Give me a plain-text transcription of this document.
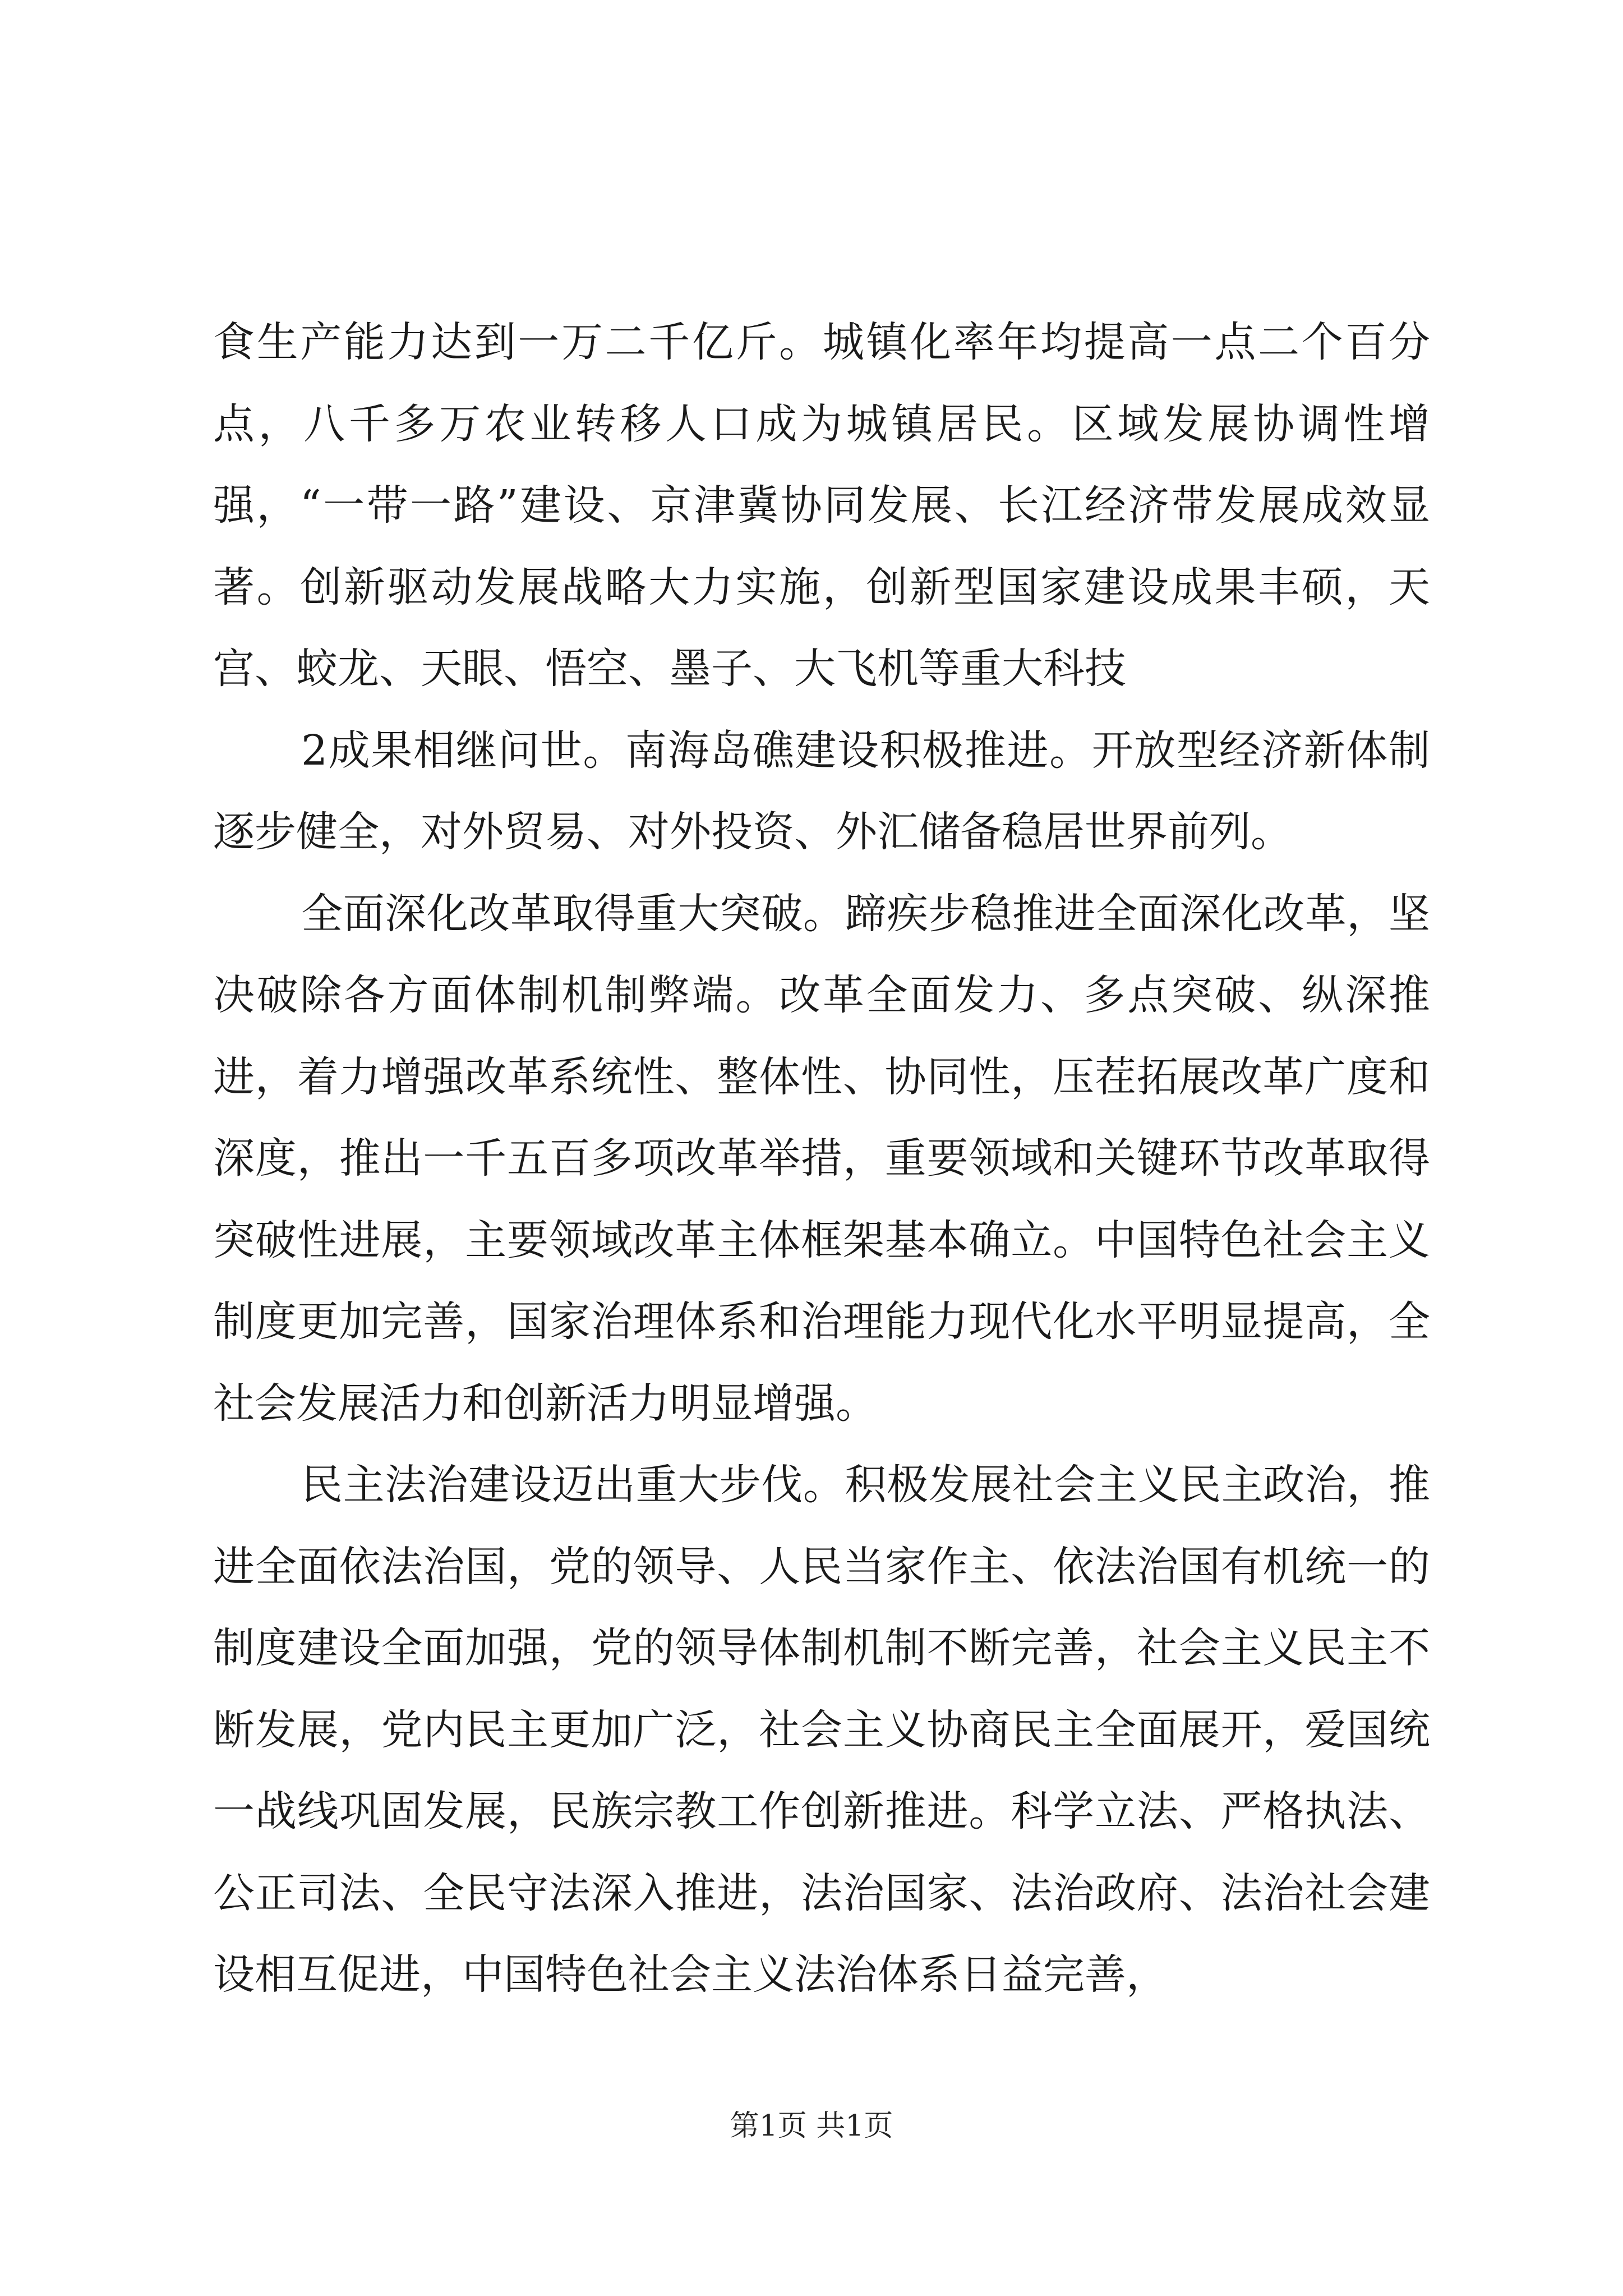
食生产能力达到一万二千亿斤。城镇化率年均提高一点二个百分点，八千多万农业转移人口成为城镇居民。区域发展协调性增强，“一带一路”建设、京津冀协同发展、长江经济带发展成效显著。创新驱动发展战略大力实施，创新型国家建设成果丰硕，天宫、蛟龙、天眼、悟空、墨子、大飞机等重大科技

2成果相继问世。南海岛礁建设积极推进。开放型经济新体制逐步健全，对外贸易、对外投资、外汇储备稳居世界前列。

全面深化改革取得重大突破。蹄疾步稳推进全面深化改革，坚决破除各方面体制机制弊端。改革全面发力、多点突破、纵深推进，着力增强改革系统性、整体性、协同性，压茬拓展改革广度和深度，推出一千五百多项改革举措，重要领域和关键环节改革取得突破性进展，主要领域改革主体框架基本确立。中国特色社会主义制度更加完善，国家治理体系和治理能力现代化水平明显提高，全社会发展活力和创新活力明显增强。

民主法治建设迈出重大步伐。积极发展社会主义民主政治，推进全面依法治国，党的领导、人民当家作主、依法治国有机统一的制度建设全面加强，党的领导体制机制不断完善，社会主义民主不断发展，党内民主更加广泛，社会主义协商民主全面展开，爱国统一战线巩固发展，民族宗教工作创新推进。科学立法、严格执法、公正司法、全民守法深入推进，法治国家、法治政府、法治社会建设相互促进，中国特色社会主义法治体系日益完善，

第1页 共1页
